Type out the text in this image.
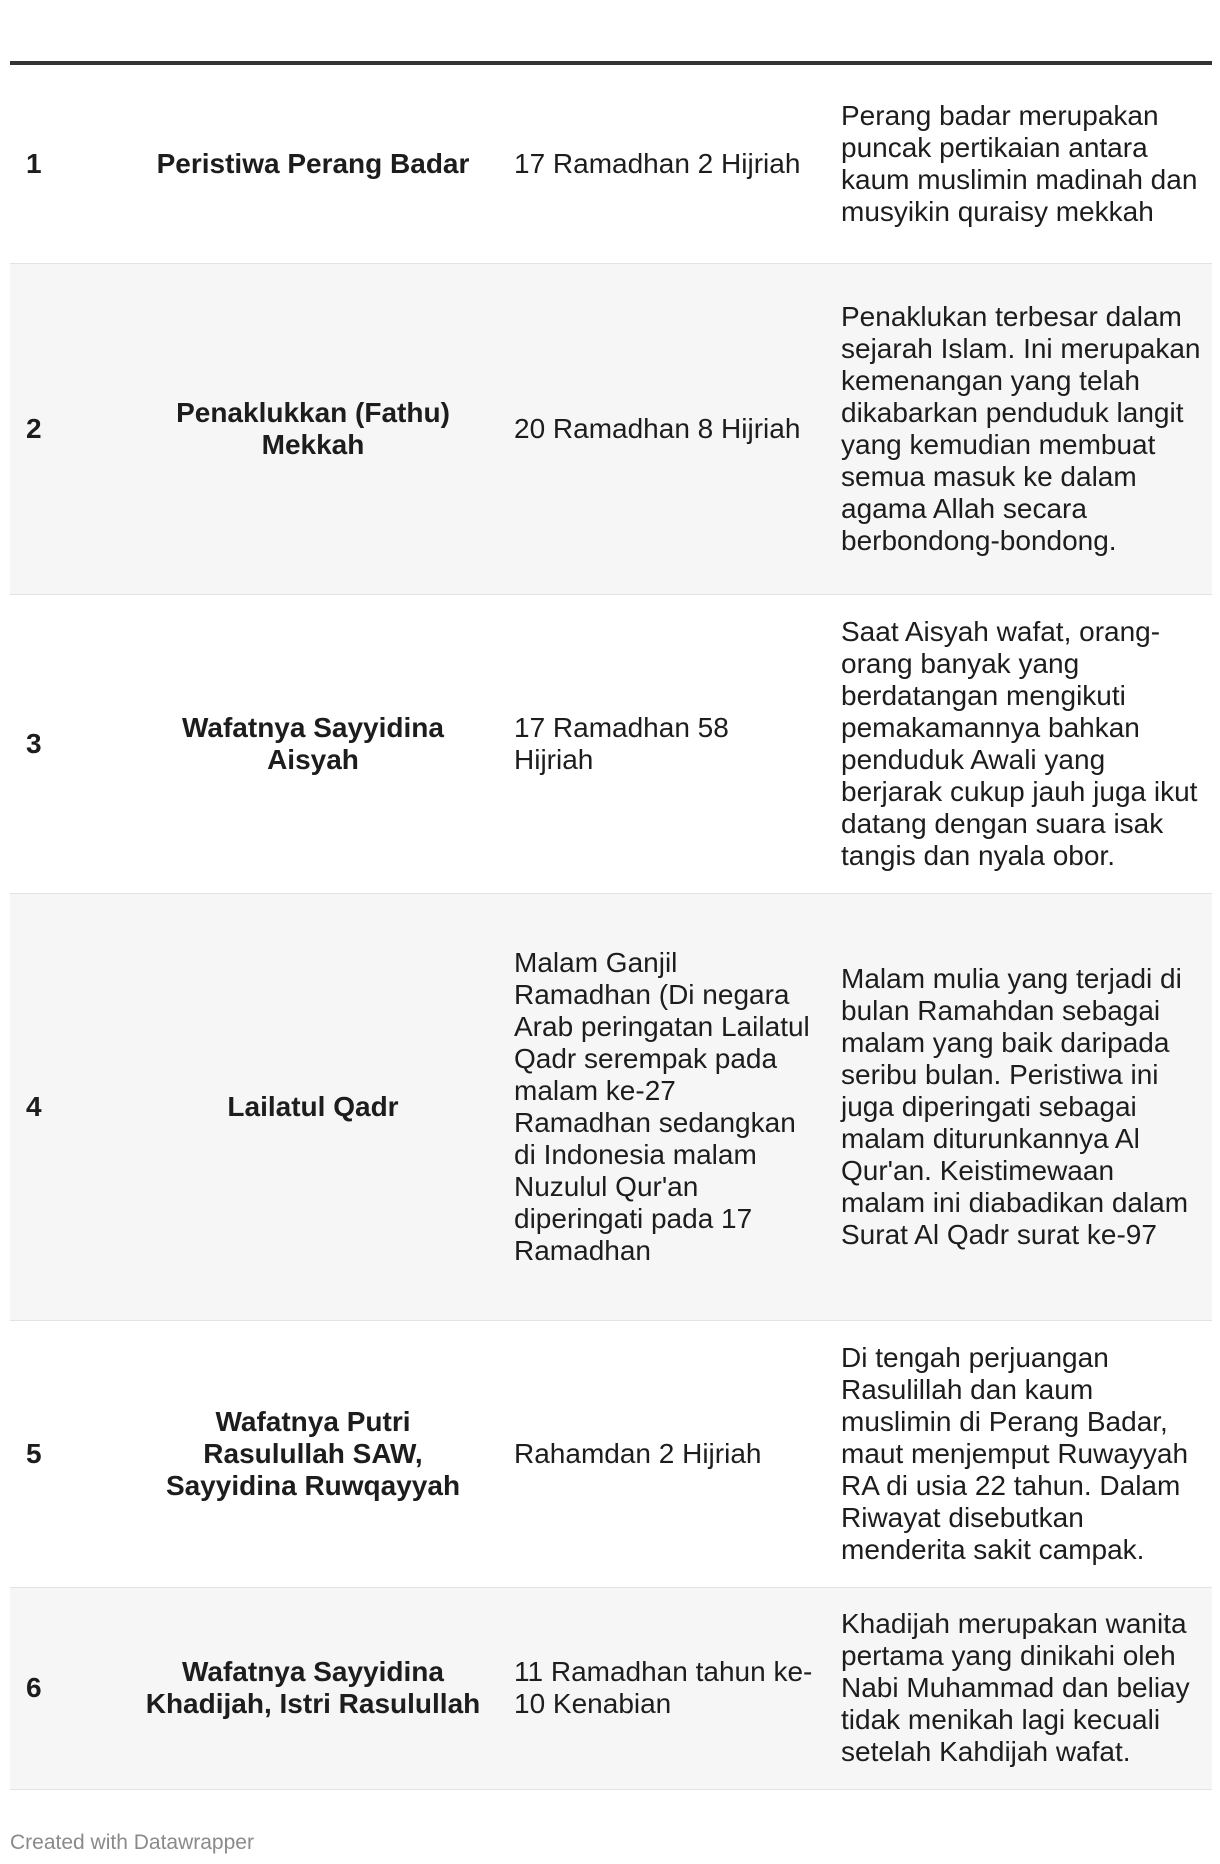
1	Peristiwa Perang Badar	17 Ramadhan 2 Hijriah	Perang badar merupakan puncak pertikaian antara kaum muslimin madinah dan musyikin quraisy mekkah
2	Penaklukkan (Fathu) Mekkah	20 Ramadhan 8 Hijriah	Penaklukan terbesar dalam sejarah Islam. Ini merupakan kemenangan yang telah dikabarkan penduduk langit yang kemudian membuat semua masuk ke dalam agama Allah secara berbondong-bondong.
3	Wafatnya Sayyidina Aisyah	17 Ramadhan 58 Hijriah	Saat Aisyah wafat, orang-orang banyak yang berdatangan mengikuti pemakamannya bahkan penduduk Awali yang berjarak cukup jauh juga ikut datang dengan suara isak tangis dan nyala obor.
4	Lailatul Qadr	Malam Ganjil Ramadhan (Di negara Arab peringatan Lailatul Qadr serempak pada malam ke-27 Ramadhan sedangkan di Indonesia malam Nuzulul Qur'an diperingati pada 17 Ramadhan	Malam mulia yang terjadi di bulan Ramahdan sebagai malam yang baik daripada seribu bulan. Peristiwa ini juga diperingati sebagai malam diturunkannya Al Qur'an. Keistimewaan malam ini diabadikan dalam Surat Al Qadr surat ke-97
5	Wafatnya Putri Rasulullah SAW, Sayyidina Ruwqayyah	Rahamdan 2 Hijriah	Di tengah perjuangan Rasulillah dan kaum muslimin di Perang Badar, maut menjemput Ruwayyah RA di usia 22 tahun. Dalam Riwayat disebutkan menderita sakit campak.
6	Wafatnya Sayyidina Khadijah, Istri Rasulullah	11 Ramadhan tahun ke-10 Kenabian	Khadijah merupakan wanita pertama yang dinikahi oleh Nabi Muhammad dan beliay tidak menikah lagi kecuali setelah Kahdijah wafat.
Created with Datawrapper
